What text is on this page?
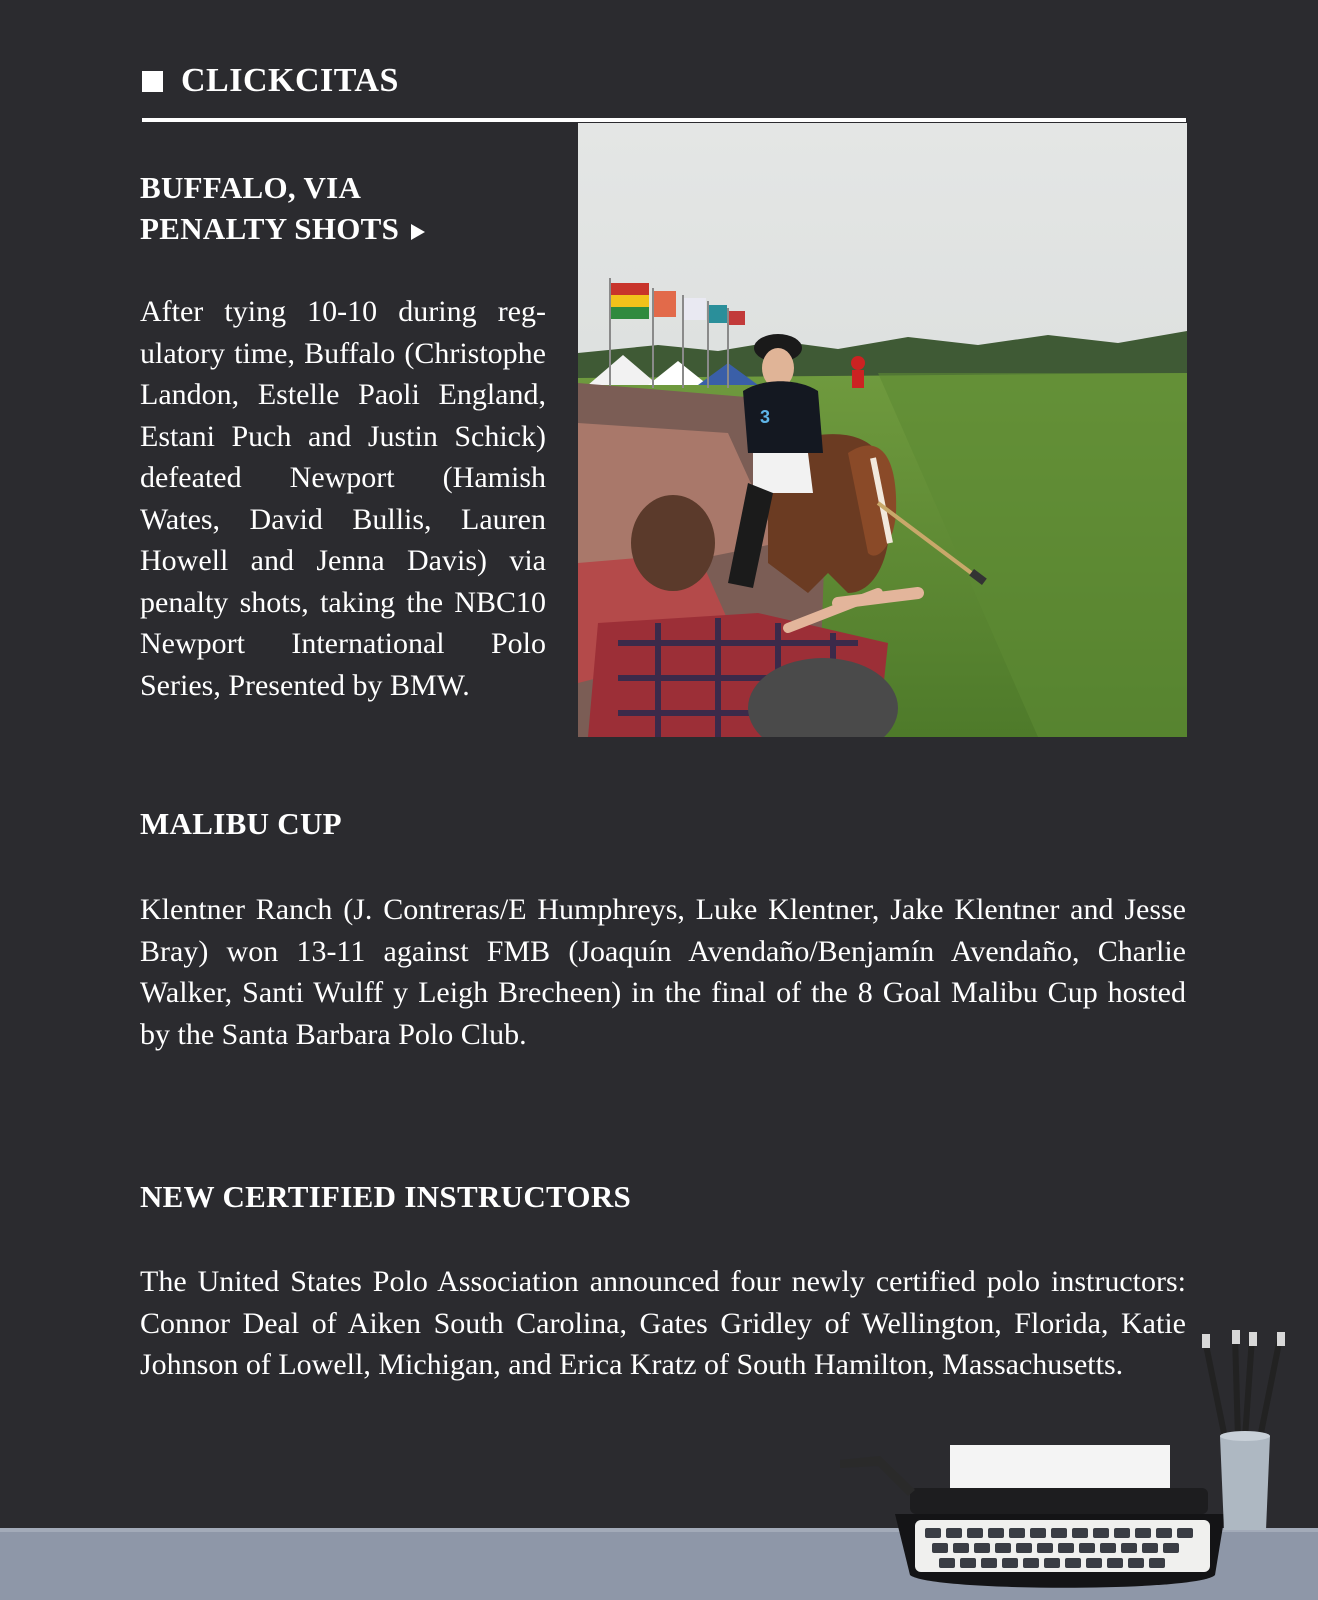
CLICKCITAS
BUFFALO, VIA
PENALTY SHOTS
After tying 10-10 during regulatory time, Buffalo (Christophe Landon, Estelle Paoli England, Estani Puch and Justin Schick) defeated Newport (Hamish Wates, David Bullis, Lauren Howell and Jenna Davis) via penalty shots, taking the NBC10 Newport International Polo Series, Presented by BMW.
3
MALIBU CUP
Klentner Ranch (J. Contreras/E Humphreys, Luke Klentner, Jake Klentner and Jesse Bray) won 13-11 against FMB (Joaquín Avendaño/Benjamín Avendaño, Charlie Walker, Santi Wulff y Leigh Brecheen) in the final of the 8 Goal Malibu Cup hosted by the Santa Barbara Polo Club.
NEW CERTIFIED INSTRUCTORS
The United States Polo Association announced four newly certified polo instructors: Connor Deal of Aiken South Carolina, Gates Gridley of Wellington, Florida, Katie Johnson of Lowell, Michigan, and Erica Kratz of South Hamilton, Massachusetts.
